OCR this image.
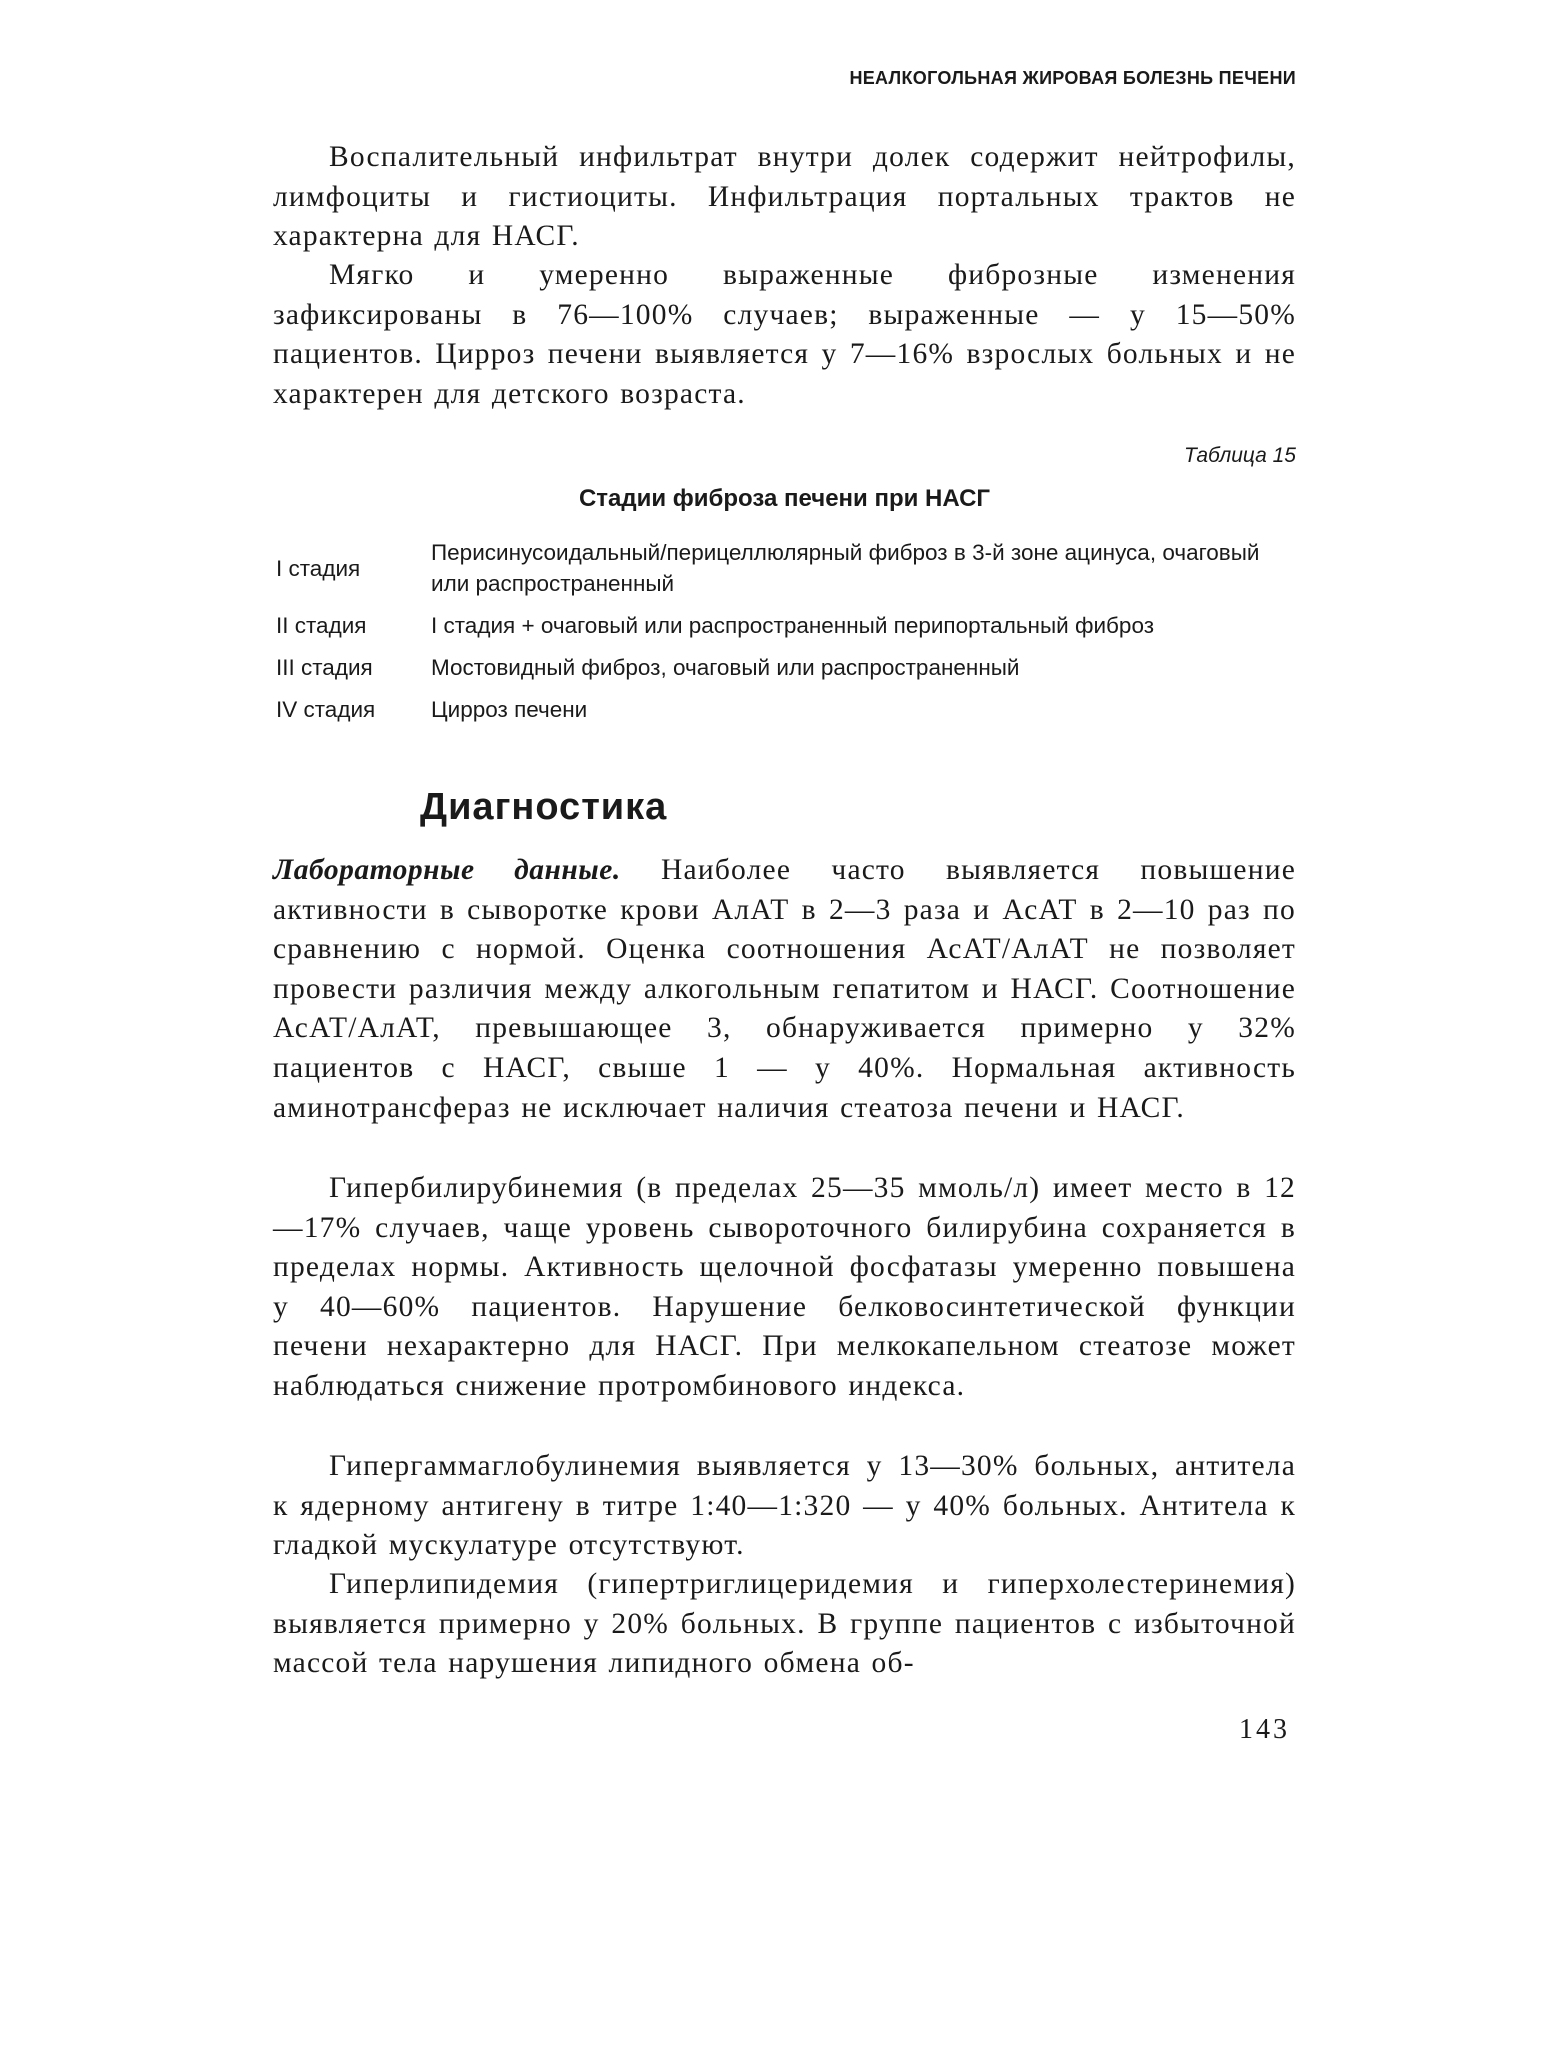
НЕАЛКОГОЛЬНАЯ ЖИРОВАЯ БОЛЕЗНЬ ПЕЧЕНИ

Воспалительный инфильтрат внутри долек содержит нейтрофилы, лимфоциты и гистиоциты. Инфильтрация портальных трактов не характерна для НАСГ.

Мягко и умеренно выраженные фиброзные изменения зафиксированы в 76—100% случаев; выраженные — у 15—50% пациентов. Цирроз печени выявляется у 7—16% взрослых больных и не характерен для детского возраста.

Таблица 15
Стадии фиброза печени при НАСГ
I стадия	Перисинусоидальный/перицеллюлярный фиброз в 3-й зоне ацинуса, очаговый или распространенный
II стадия	I стадия + очаговый или распространенный перипортальный фиброз
III стадия	Мостовидный фиброз, очаговый или распространенный
IV стадия	Цирроз печени
Диагностика

Лабораторные данные. Наиболее часто выявляется повышение активности в сыворотке крови АлАТ в 2—3 раза и АсАТ в 2—10 раз по сравнению с нормой. Оценка соотношения АсАТ/АлАТ не позволяет провести различия между алкогольным гепатитом и НАСГ. Соотношение АсАТ/АлАТ, превышающее 3, обнаруживается примерно у 32% пациентов с НАСГ, свыше 1 — у 40%. Нормальная активность аминотрансфераз не исключает наличия стеатоза печени и НАСГ.

Гипербилирубинемия (в пределах 25—35 ммоль/л) имеет место в 12—17% случаев, чаще уровень сывороточного билирубина сохраняется в пределах нормы. Активность щелочной фосфатазы умеренно повышена у 40—60% пациентов. Нарушение белковосинтетической функции печени нехарактерно для НАСГ. При мелкокапельном стеатозе может наблюдаться снижение протромбинового индекса.

Гипергаммаглобулинемия выявляется у 13—30% больных, антитела к ядерному антигену в титре 1:40—1:320 — у 40% больных. Антитела к гладкой мускулатуре отсутствуют.

Гиперлипидемия (гипертриглицеридемия и гиперхолестеринемия) выявляется примерно у 20% больных. В группе пациентов с избыточной массой тела нарушения липидного обмена об-

143
